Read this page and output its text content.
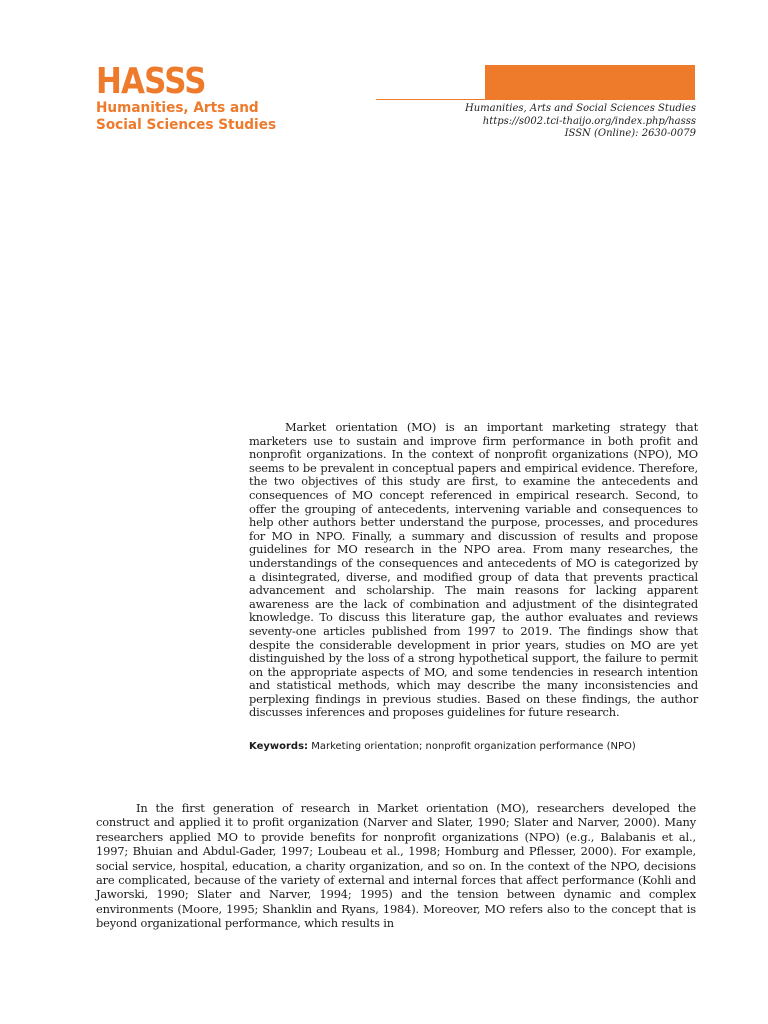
HASSS
Humanities, Arts and
Social Sciences Studies
Humanities, Arts and Social Sciences Studies
https://s002.tci-thaijo.org/index.php/hasss
ISSN (Online): 2630-0079

Market orientation (MO) is an important marketing strategy that marketers use to sustain and improve firm performance in both profit and nonprofit organizations. In the context of nonprofit organizations (NPO), MO seems to be prevalent in conceptual papers and empirical evidence. Therefore, the two objectives of this study are first, to examine the antecedents and consequences of MO concept referenced in empirical research. Second, to offer the grouping of antecedents, intervening variable and consequences to help other authors better understand the purpose, processes, and procedures for MO in NPO. Finally, a summary and discussion of results and propose guidelines for MO research in the NPO area. From many researches, the understandings of the consequences and antecedents of MO is categorized by a disintegrated, diverse, and modified group of data that prevents practical advancement and scholarship. The main reasons for lacking apparent awareness are the lack of combination and adjustment of the disintegrated knowledge. To discuss this literature gap, the author evaluates and reviews seventy-one articles published from 1997 to 2019. The findings show that despite the considerable development in prior years, studies on MO are yet distinguished by the loss of a strong hypothetical support, the failure to permit on the appropriate aspects of MO, and some tendencies in research intention and statistical methods, which may describe the many inconsistencies and perplexing findings in previous studies. Based on these findings, the author discusses inferences and proposes guidelines for future research.

Keywords: Marketing orientation; nonprofit organization performance (NPO)

In the first generation of research in Market orientation (MO), researchers developed the construct and applied it to profit organization (Narver and Slater, 1990; Slater and Narver, 2000). Many researchers applied MO to provide benefits for nonprofit organizations (NPO) (e.g., Balabanis et al., 1997; Bhuian and Abdul-Gader, 1997; Loubeau et al., 1998; Homburg and Pflesser, 2000). For example, social service, hospital, education, a charity organization, and so on. In the context of the NPO, decisions are complicated, because of the variety of external and internal forces that affect performance (Kohli and Jaworski, 1990; Slater and Narver, 1994; 1995) and the tension between dynamic and complex environments (Moore, 1995; Shanklin and Ryans, 1984). Moreover, MO refers also to the concept that is beyond organizational performance, which results in
